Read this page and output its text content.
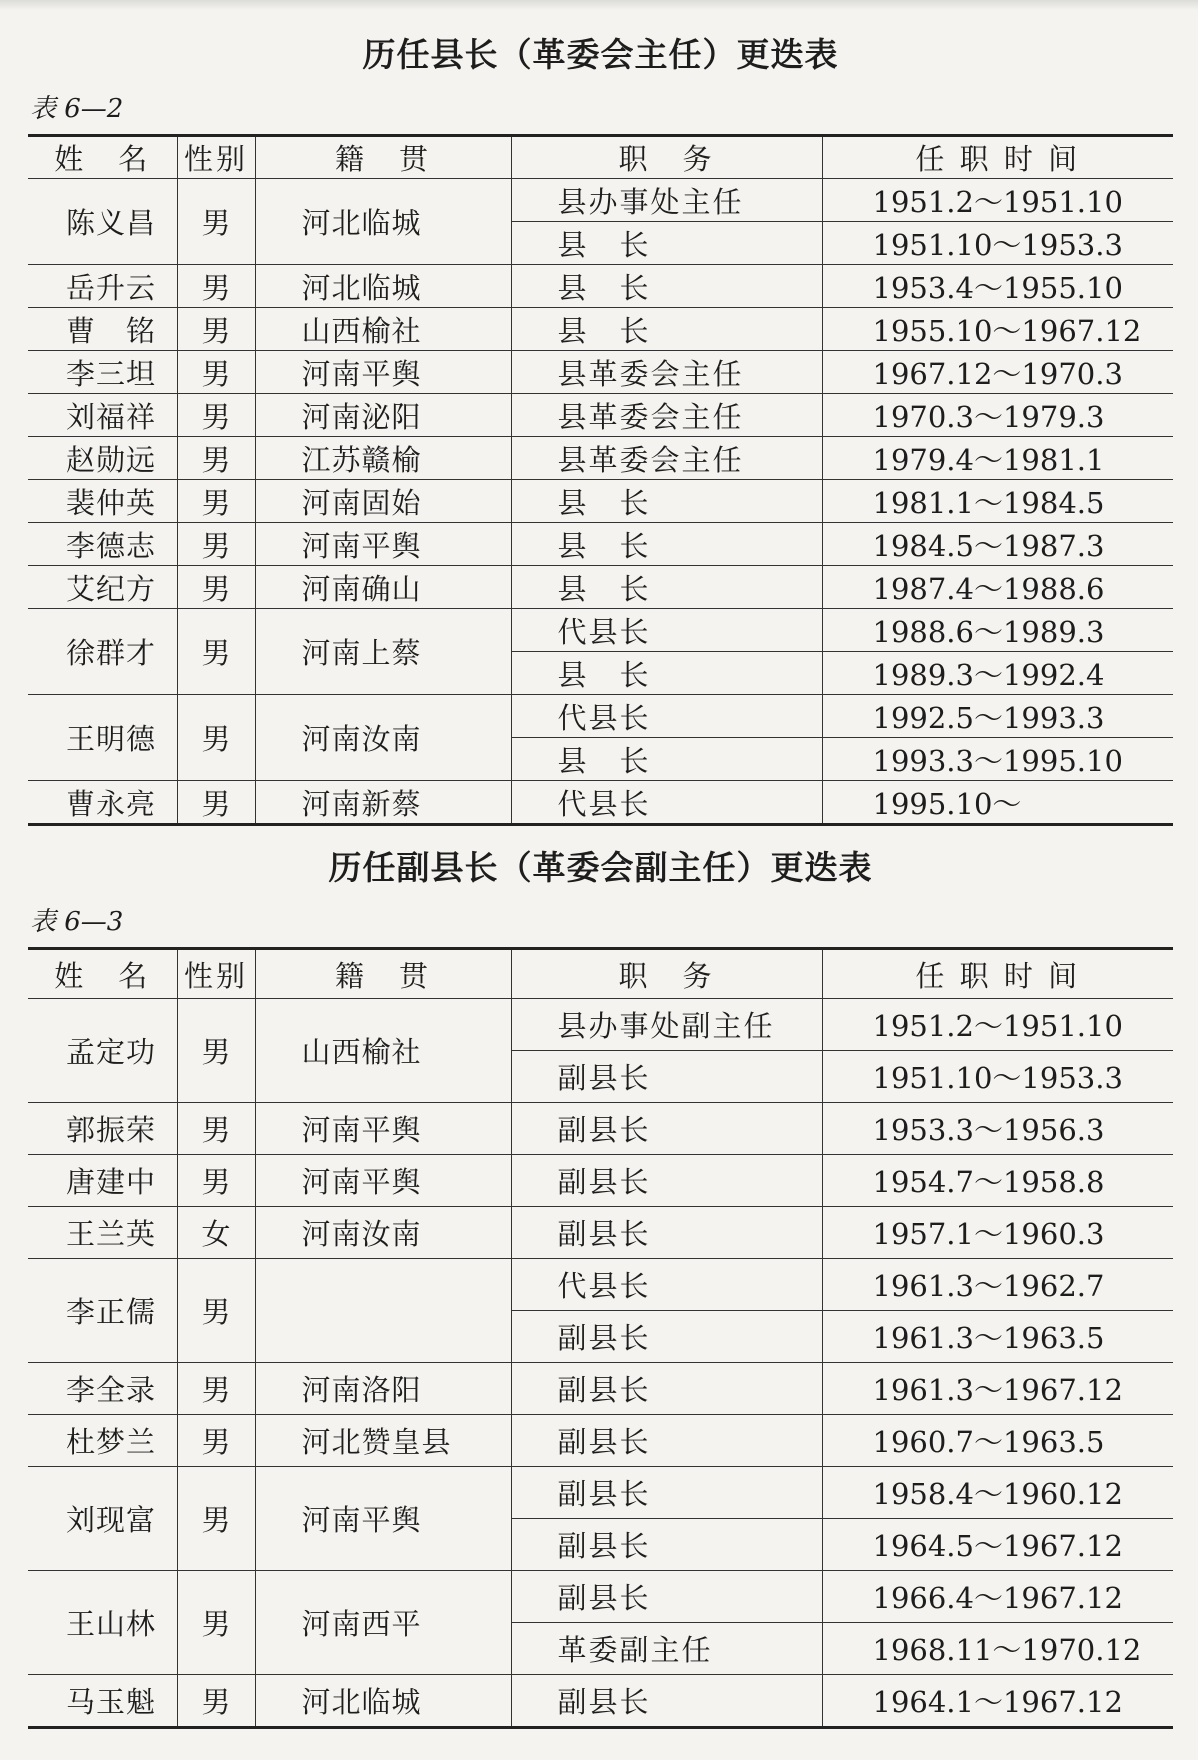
历任县长（革委会主任）更迭表
表 6—2
姓　名	性别	籍　贯	职　务	任 职 时 间
陈义昌	男	河北临城	县办事处主任	1951.2～1951.10
			县　长	1951.10～1953.3
岳升云	男	河北临城	县　长	1953.4～1955.10
曹　铭	男	山西榆社	县　长	1955.10～1967.12
李三坦	男	河南平舆	县革委会主任	1967.12～1970.3
刘福祥	男	河南泌阳	县革委会主任	1970.3～1979.3
赵勋远	男	江苏赣榆	县革委会主任	1979.4～1981.1
裴仲英	男	河南固始	县　长	1981.1～1984.5
李德志	男	河南平舆	县　长	1984.5～1987.3
艾纪方	男	河南确山	县　长	1987.4～1988.6
徐群才	男	河南上蔡	代县长	1988.6～1989.3
			县　长	1989.3～1992.4
王明德	男	河南汝南	代县长	1992.5～1993.3
			县　长	1993.3～1995.10
曹永亮	男	河南新蔡	代县长	1995.10～
历任副县长（革委会副主任）更迭表
表 6—3
姓　名	性别	籍　贯	职　务	任 职 时 间
孟定功	男	山西榆社	县办事处副主任	1951.2～1951.10
			副县长	1951.10～1953.3
郭振荣	男	河南平舆	副县长	1953.3～1956.3
唐建中	男	河南平舆	副县长	1954.7～1958.8
王兰英	女	河南汝南	副县长	1957.1～1960.3
李正儒	男		代县长	1961.3～1962.7
			副县长	1961.3～1963.5
李全录	男	河南洛阳	副县长	1961.3～1967.12
杜梦兰	男	河北赞皇县	副县长	1960.7～1963.5
刘现富	男	河南平舆	副县长	1958.4～1960.12
			副县长	1964.5～1967.12
王山林	男	河南西平	副县长	1966.4～1967.12
			革委副主任	1968.11～1970.12
马玉魁	男	河北临城	副县长	1964.1～1967.12
